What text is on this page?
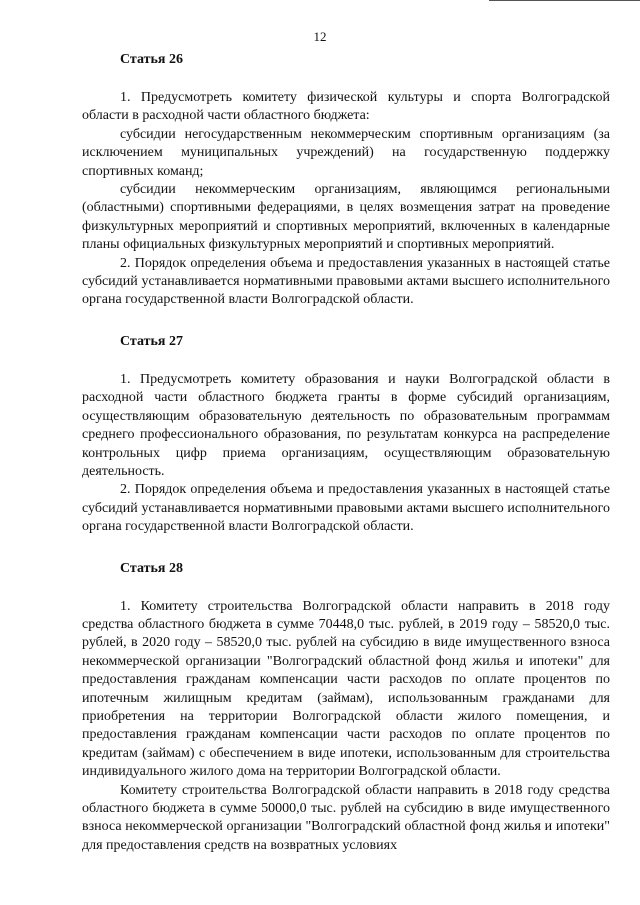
12
Статья 26

1. Предусмотреть комитету физической культуры и спорта Волгоградской области в расходной части областного бюджета:

субсидии негосударственным некоммерческим спортивным организациям (за исключением муниципальных учреждений) на государственную поддержку спортивных команд;

субсидии некоммерческим организациям, являющимся региональными (областными) спортивными федерациями, в целях возмещения затрат на проведение физкультурных мероприятий и спортивных мероприятий, включенных в календарные планы официальных физкультурных мероприятий и спортивных мероприятий.

2. Порядок определения объема и предоставления указанных в настоящей статье субсидий устанавливается нормативными правовыми актами высшего исполнительного органа государственной власти Волгоградской области.

Статья 27

1. Предусмотреть комитету образования и науки Волгоградской области в расходной части областного бюджета гранты в форме субсидий организациям, осуществляющим образовательную деятельность по образовательным программам среднего профессионального образования, по результатам конкурса на распределение контрольных цифр приема организациям, осуществляющим образовательную деятельность.

2. Порядок определения объема и предоставления указанных в настоящей статье субсидий устанавливается нормативными правовыми актами высшего исполнительного органа государственной власти Волгоградской области.

Статья 28

1. Комитету строительства Волгоградской области направить в 2018 году средства областного бюджета в сумме 70448,0 тыс. рублей, в 2019 году – 58520,0 тыс. рублей, в 2020 году – 58520,0 тыс. рублей на субсидию в виде имущественного взноса некоммерческой организации "Волгоградский областной фонд жилья и ипотеки" для предоставления гражданам компенсации части расходов по оплате процентов по ипотечным жилищным кредитам (займам), использованным гражданами для приобретения на территории Волгоградской области жилого помещения, и предоставления гражданам компенсации части расходов по оплате процентов по кредитам (займам) с обеспечением в виде ипотеки, использованным для строительства индивидуального жилого дома на территории Волгоградской области.

Комитету строительства Волгоградской области направить в 2018 году средства областного бюджета в сумме 50000,0 тыс. рублей на субсидию в виде имущественного взноса некоммерческой организации "Волгоградский областной фонд жилья и ипотеки" для предоставления средств на возвратных условиях
